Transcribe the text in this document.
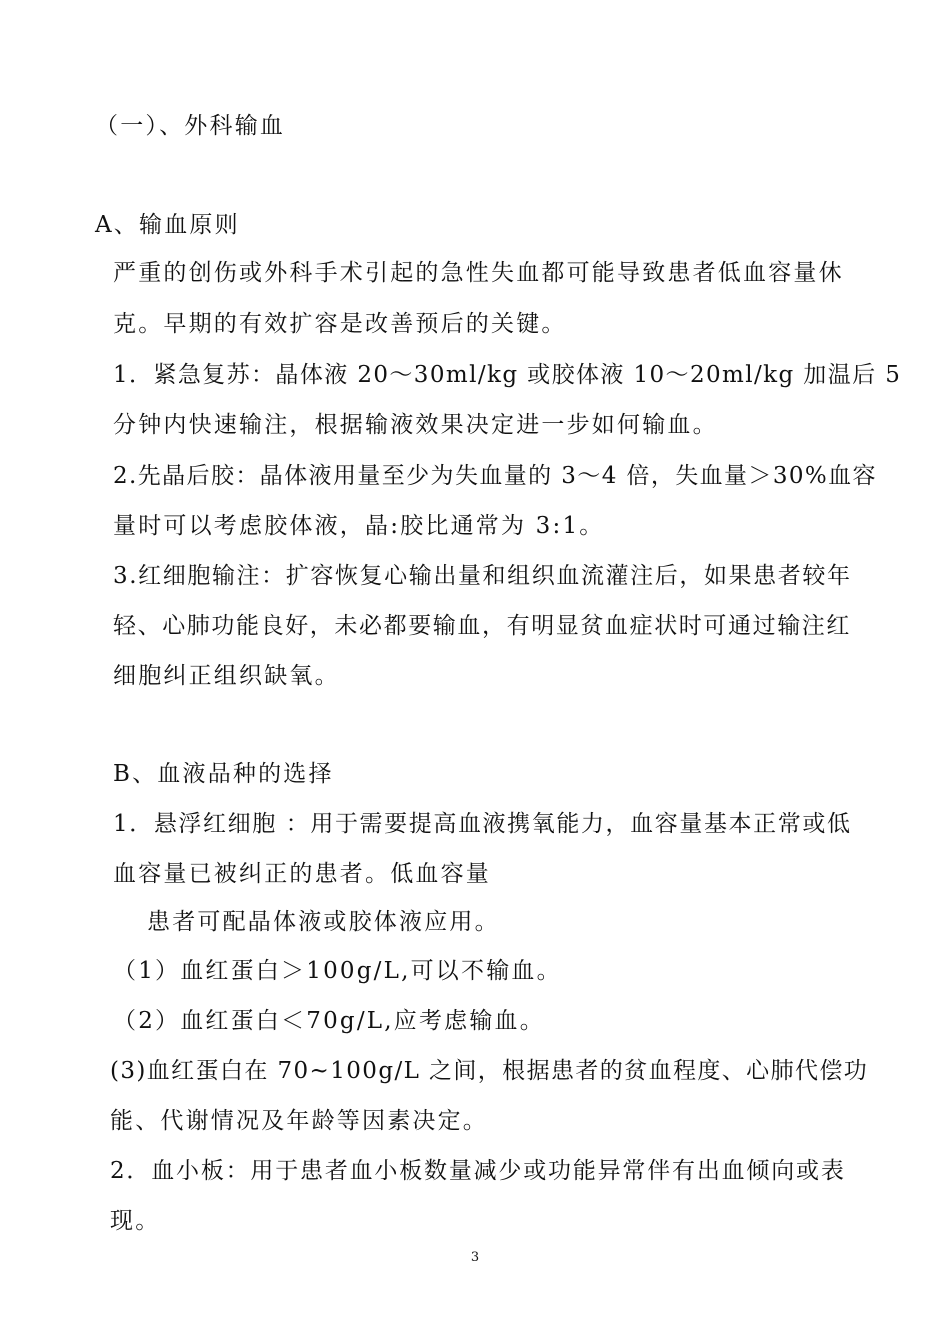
（一）、外科输血
A、输血原则
严重的创伤或外科手术引起的急性失血都可能导致患者低血容量休
克。早期的有效扩容是改善预后的关键。
1．紧急复苏：晶体液 20～30ml/kg 或胶体液 10～20ml/kg 加温后 5
分钟内快速输注，根据输液效果决定进一步如何输血。
2.先晶后胶：晶体液用量至少为失血量的 3～4 倍，失血量＞30%血容
量时可以考虑胶体液，晶:胶比通常为 3:1。
3.红细胞输注：扩容恢复心输出量和组织血流灌注后，如果患者较年
轻、心肺功能良好，未必都要输血，有明显贫血症状时可通过输注红
细胞纠正组织缺氧。
B、血液品种的选择
1．悬浮红细胞 ：用于需要提高血液携氧能力，血容量基本正常或低
血容量已被纠正的患者。低血容量
患者可配晶体液或胶体液应用。
（1）血红蛋白＞100g/L,可以不输血。
（2）血红蛋白＜70g/L,应考虑输血。
(3)血红蛋白在 70~100g/L 之间，根据患者的贫血程度、心肺代偿功
能、代谢情况及年龄等因素决定。
2．血小板：用于患者血小板数量减少或功能异常伴有出血倾向或表
现。
3
